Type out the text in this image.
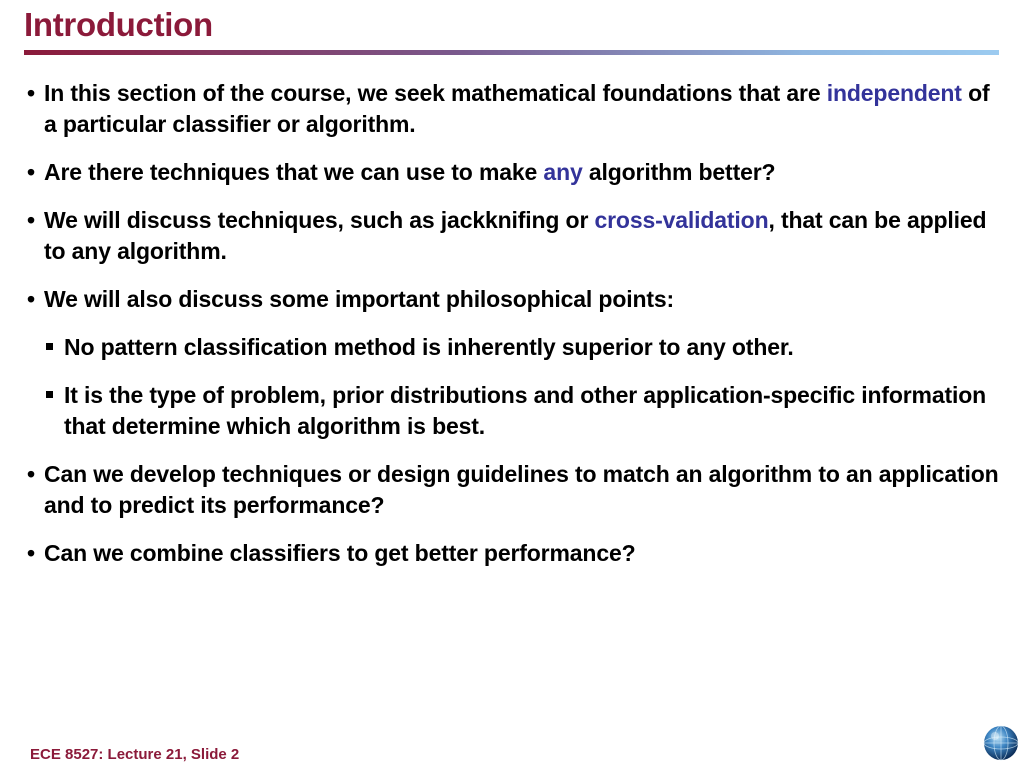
Introduction
• In this section of the course, we seek mathematical foundations that are independent of a particular classifier or algorithm.
• Are there techniques that we can use to make any algorithm better?
• We will discuss techniques, such as jackknifing or cross-validation, that can be applied to any algorithm.
• We will also discuss some important philosophical points:
No pattern classification method is inherently superior to any other.
It is the type of problem, prior distributions and other application-specific information that determine which algorithm is best.
• Can we develop techniques or design guidelines to match an algorithm to an application and to predict its performance?
• Can we combine classifiers to get better performance?
ECE 8527: Lecture 21, Slide 2
